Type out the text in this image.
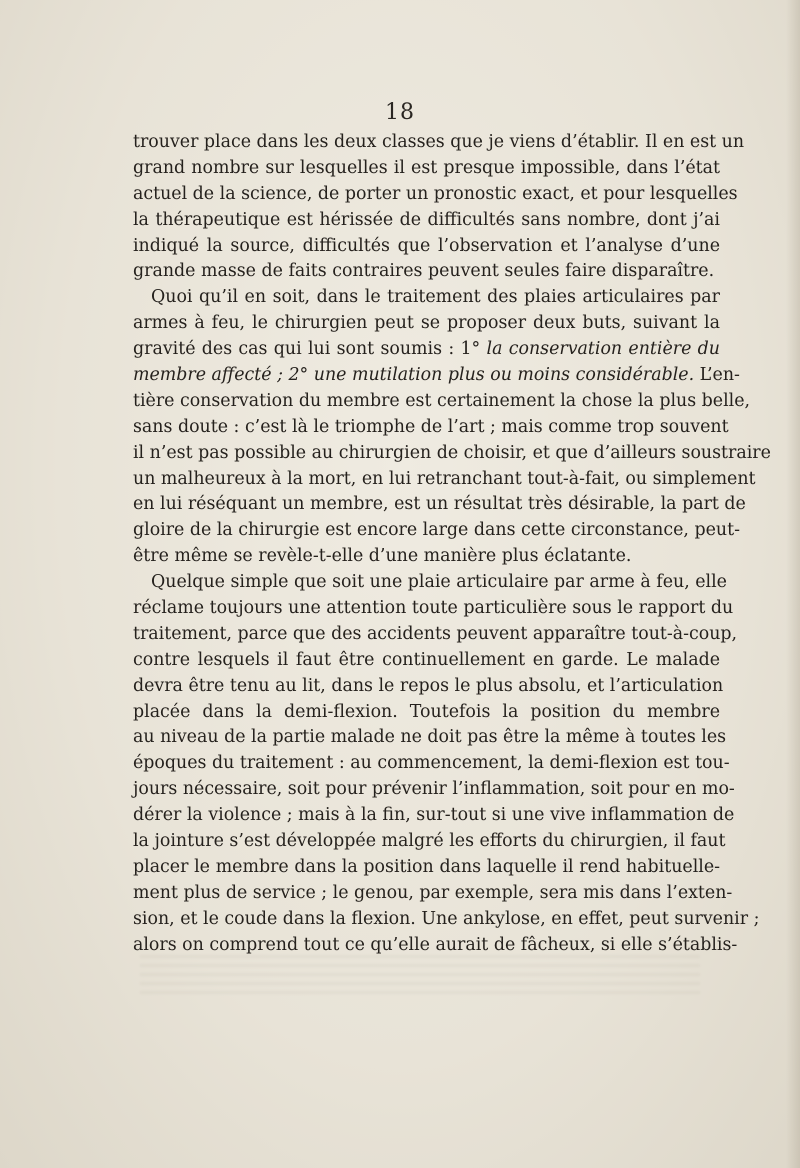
18
trouver place dans les deux classes que je viens d’établir. Il en est un
grand nombre sur lesquelles il est presque impossible, dans l’état
actuel de la science, de porter un pronostic exact, et pour lesquelles
la thérapeutique est hérissée de difficultés sans nombre, dont j’ai
indiqué la source, difficultés que l’observation et l’analyse d’une
grande masse de faits contraires peuvent seules faire disparaître.
Quoi qu’il en soit, dans le traitement des plaies articulaires par
armes à feu, le chirurgien peut se proposer deux buts, suivant la
gravité des cas qui lui sont soumis : 1° la conservation entière du
membre affecté ; 2° une mutilation plus ou moins considérable. L’en-
tière conservation du membre est certainement la chose la plus belle,
sans doute : c’est là le triomphe de l’art ; mais comme trop souvent
il n’est pas possible au chirurgien de choisir, et que d’ailleurs soustraire
un malheureux à la mort, en lui retranchant tout-à-fait, ou simplement
en lui réséquant un membre, est un résultat très désirable, la part de
gloire de la chirurgie est encore large dans cette circonstance, peut-
être même se revèle-t-elle d’une manière plus éclatante.
Quelque simple que soit une plaie articulaire par arme à feu, elle
réclame toujours une attention toute particulière sous le rapport du
traitement, parce que des accidents peuvent apparaître tout-à-coup,
contre lesquels il faut être continuellement en garde. Le malade
devra être tenu au lit, dans le repos le plus absolu, et l’articulation
placée dans la demi-flexion. Toutefois la position du membre
au niveau de la partie malade ne doit pas être la même à toutes les
époques du traitement : au commencement, la demi-flexion est tou-
jours nécessaire, soit pour prévenir l’inflammation, soit pour en mo-
dérer la violence ; mais à la fin, sur-tout si une vive inflammation de
la jointure s’est développée malgré les efforts du chirurgien, il faut
placer le membre dans la position dans laquelle il rend habituelle-
ment plus de service ; le genou, par exemple, sera mis dans l’exten-
sion, et le coude dans la flexion. Une ankylose, en effet, peut survenir ;
alors on comprend tout ce qu’elle aurait de fâcheux, si elle s’établis-
